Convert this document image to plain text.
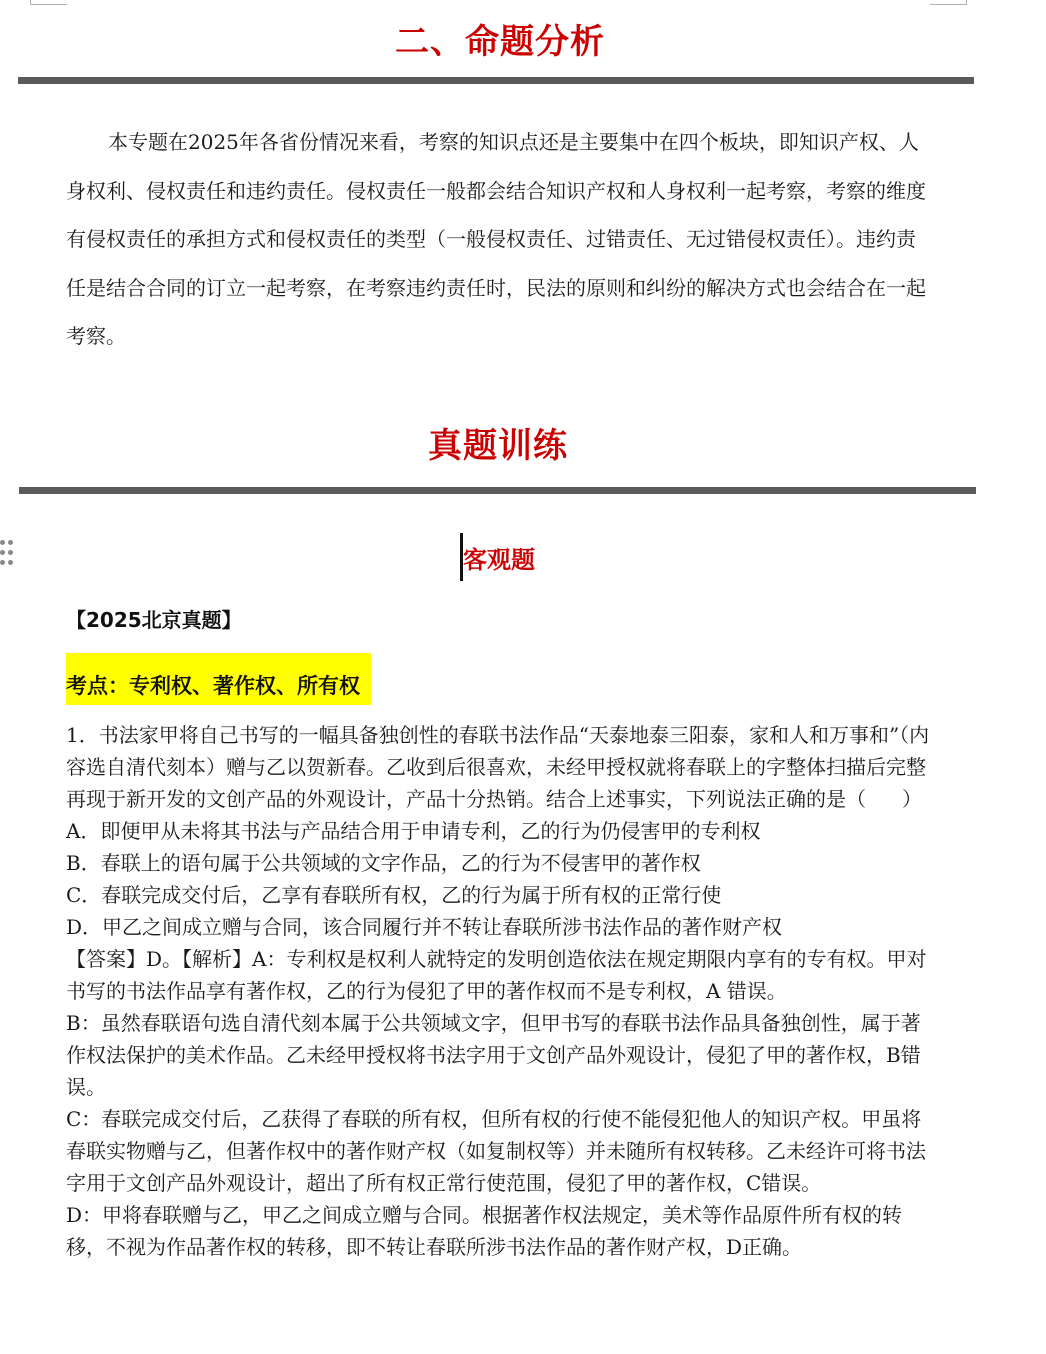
二、命题分析

本专题在2025年各省份情况来看，考察的知识点还是主要集中在四个板块，即知识产权、人身权利、侵权责任和违约责任。侵权责任一般都会结合知识产权和人身权利一起考察，考察的维度有侵权责任的承担方式和侵权责任的类型（一般侵权责任、过错责任、无过错侵权责任）。违约责任是结合合同的订立一起考察，在考察违约责任时，民法的原则和纠纷的解决方式也会结合在一起考察。

真题训练
客观题
【2025北京真题】
考点：专利权、著作权、所有权

1．书法家甲将自己书写的一幅具备独创性的春联书法作品“天泰地泰三阳泰，家和人和万事和”（内容选自清代刻本）赠与乙以贺新春。乙收到后很喜欢，未经甲授权就将春联上的字整体扫描后完整再现于新开发的文创产品的外观设计，产品十分热销。结合上述事实，下列说法正确的是（ ）

A．即便甲从未将其书法与产品结合用于申请专利，乙的行为仍侵害甲的专利权

B．春联上的语句属于公共领域的文字作品，乙的行为不侵害甲的著作权

C．春联完成交付后，乙享有春联所有权，乙的行为属于所有权的正常行使

D．甲乙之间成立赠与合同，该合同履行并不转让春联所涉书法作品的著作财产权

【答案】D。【解析】A：专利权是权利人就特定的发明创造依法在规定期限内享有的专有权。甲对书写的书法作品享有著作权，乙的行为侵犯了甲的著作权而不是专利权，A 错误。

B：虽然春联语句选自清代刻本属于公共领域文字，但甲书写的春联书法作品具备独创性，属于著作权法保护的美术作品。乙未经甲授权将书法字用于文创产品外观设计，侵犯了甲的著作权，B错误。

C：春联完成交付后，乙获得了春联的所有权，但所有权的行使不能侵犯他人的知识产权。甲虽将春联实物赠与乙，但著作权中的著作财产权（如复制权等）并未随所有权转移。乙未经许可将书法字用于文创产品外观设计，超出了所有权正常行使范围，侵犯了甲的著作权，C错误。

D：甲将春联赠与乙，甲乙之间成立赠与合同。根据著作权法规定，美术等作品原件所有权的转移，不视为作品著作权的转移，即不转让春联所涉书法作品的著作财产权，D正确。
